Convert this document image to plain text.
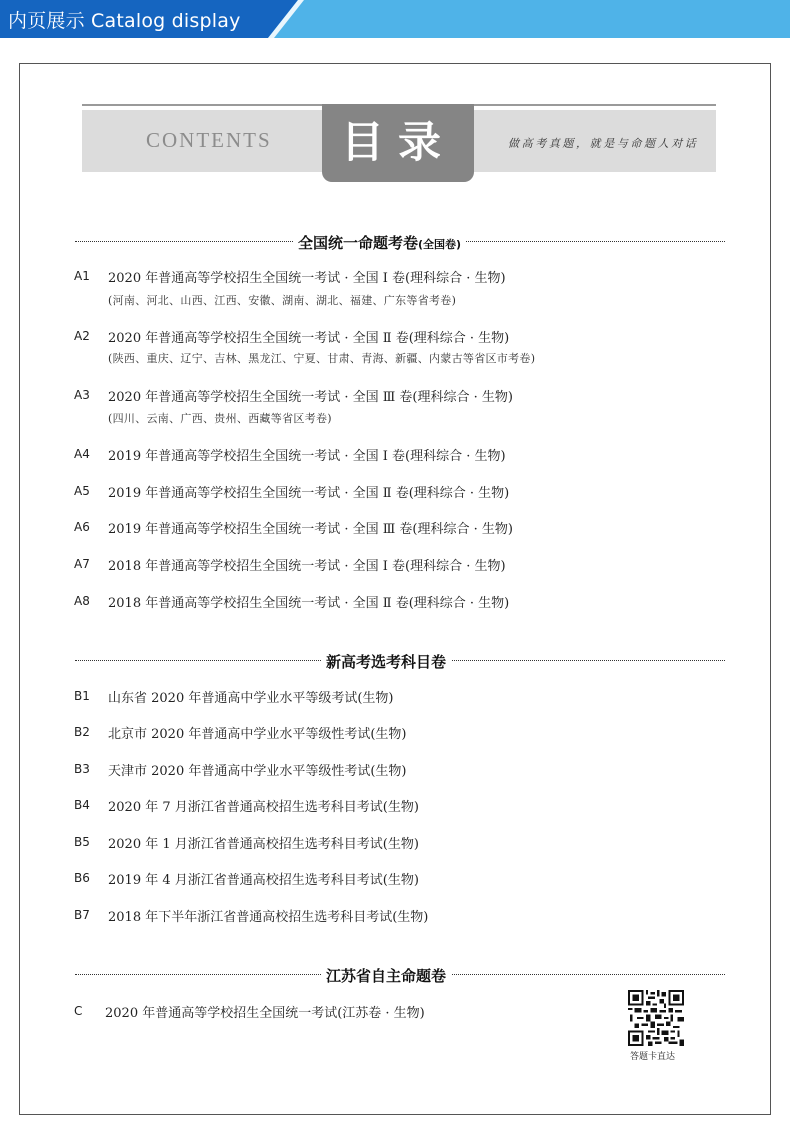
内页展示 Catalog display
CONTENTS	目录	做高考真题，就是与命题人对话
全国统一命题考卷(全国卷)
A1 2020 年普通高等学校招生全国统一考试 · 全国 Ⅰ 卷(理科综合 · 生物)
(河南、河北、山西、江西、安徽、湖南、湖北、福建、广东等省考卷)
A2 2020 年普通高等学校招生全国统一考试 · 全国 Ⅱ 卷(理科综合 · 生物)
(陕西、重庆、辽宁、吉林、黑龙江、宁夏、甘肃、青海、新疆、内蒙古等省区市考卷)
A3 2020 年普通高等学校招生全国统一考试 · 全国 Ⅲ 卷(理科综合 · 生物)
(四川、云南、广西、贵州、西藏等省区考卷)
A4 2019 年普通高等学校招生全国统一考试 · 全国 Ⅰ 卷(理科综合 · 生物)
A5 2019 年普通高等学校招生全国统一考试 · 全国 Ⅱ 卷(理科综合 · 生物)
A6 2019 年普通高等学校招生全国统一考试 · 全国 Ⅲ 卷(理科综合 · 生物)
A7 2018 年普通高等学校招生全国统一考试 · 全国 Ⅰ 卷(理科综合 · 生物)
A8 2018 年普通高等学校招生全国统一考试 · 全国 Ⅱ 卷(理科综合 · 生物)
新高考选考科目卷
B1 山东省 2020 年普通高中学业水平等级考试(生物)
B2 北京市 2020 年普通高中学业水平等级性考试(生物)
B3 天津市 2020 年普通高中学业水平等级性考试(生物)
B4 2020 年 7 月浙江省普通高校招生选考科目考试(生物)
B5 2020 年 1 月浙江省普通高校招生选考科目考试(生物)
B6 2019 年 4 月浙江省普通高校招生选考科目考试(生物)
B7 2018 年下半年浙江省普通高校招生选考科目考试(生物)
江苏省自主命题卷
C 2020 年普通高等学校招生全国统一考试(江苏卷 · 生物)
答题卡直达
